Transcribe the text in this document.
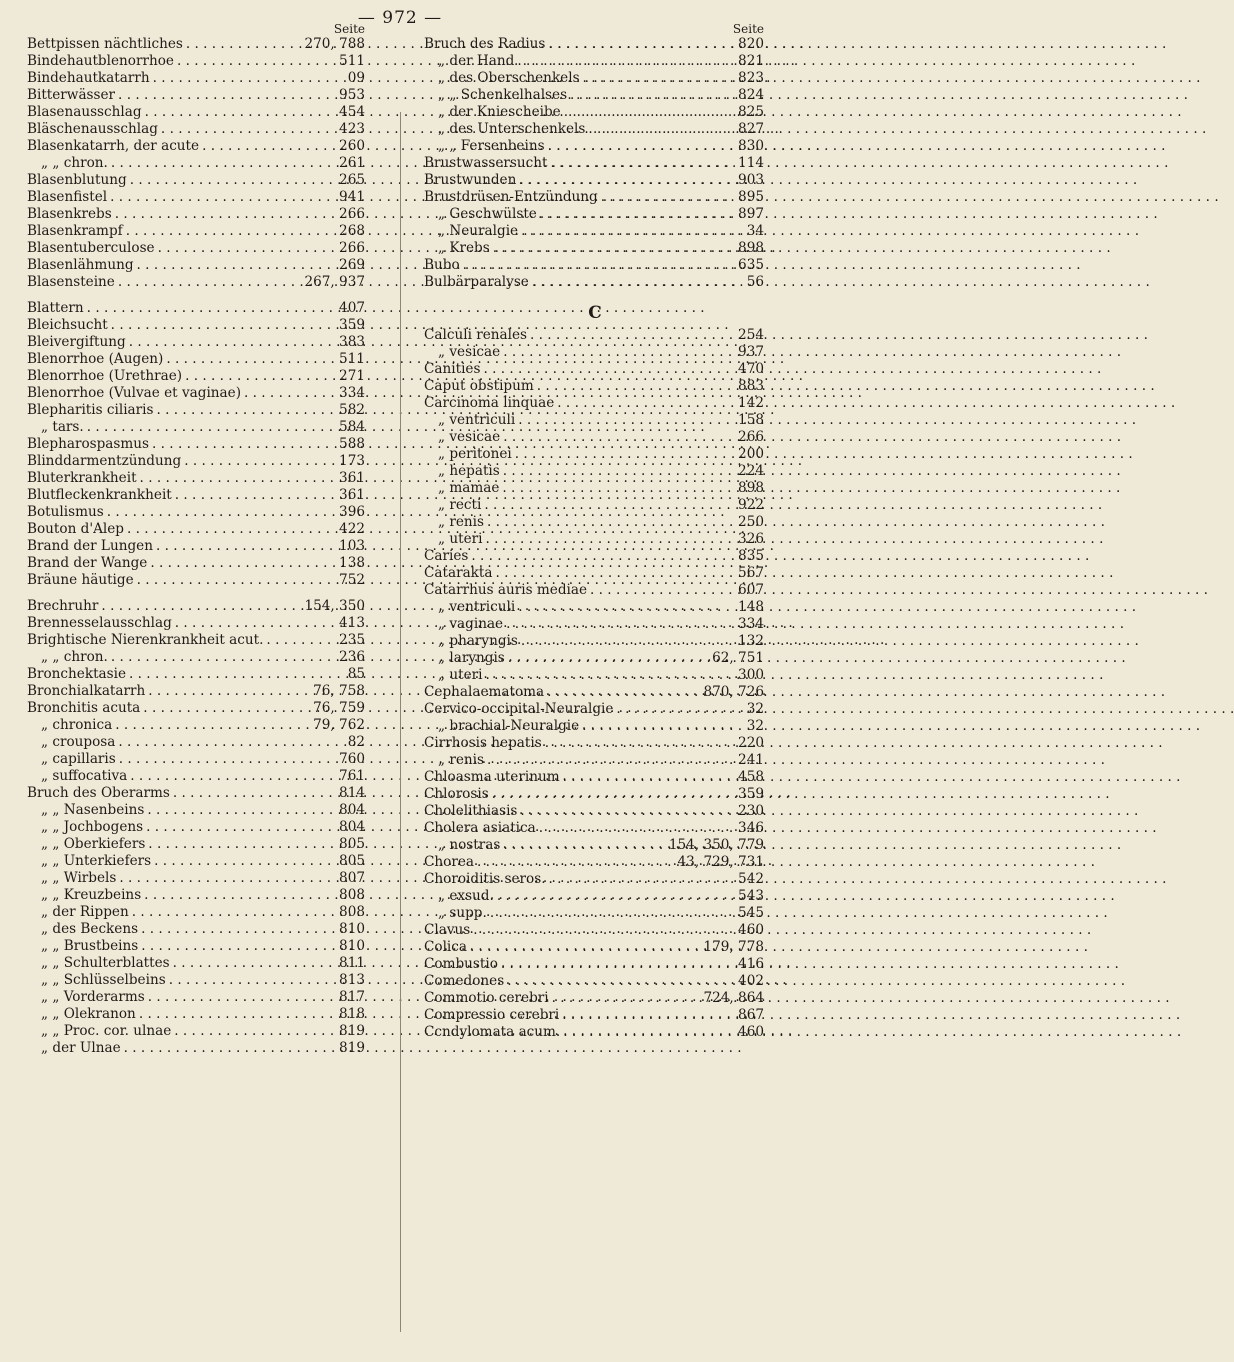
— 972 —
Seite
Bettpissen nächtliches . . .	270, 788
Bindehautblenorrhoe . . .	511
Bindehautkatarrh . . .	09
Bitterwässer . . .	953
Blasenausschlag . . .	454
Bläschenausschlag . . .	423
Blasenkatarrh, der acute . . .	260
„ „ chron. . . .	261
Blasenblutung . . .	265
Blasenfistel . . .	941
Blasenkrebs . . .	266
Blasenkrampf . . .	268
Blasentuberculose . . .	266
Blasenlähmung . . .	269
Blasensteine . . .	267, 937
Blattern . . .	407
Bleichsucht . . .	359
Bleivergiftung . . .	383
Blenorrhoe (Augen) . . .	511
Blenorrhoe (Urethrae) . . .	271
Blenorrhoe (Vulvae et vaginae) . . .	334
Blepharitis ciliaris . . .	582
„ tars. . . .	584
Blepharospasmus . . .	588
Blinddarmentzündung . . .	173
Bluterkrankheit . . .	361
Blutfleckenkrankheit . . .	361
Botulismus . . .	396
Bouton d'Alep . . .	422
Brand der Lungen . . .	103
Brand der Wange . . .	138
Bräune häutige . . .	752
Brechruhr . . .	154, 350
Brennesselausschlag . . .	413
Brightische Nierenkrankheit acut. . . .	235
„ „ chron. . . .	236
Bronchektasie . . .	85
Bronchialkatarrh . . .	76, 758
Bronchitis acuta . . .	76, 759
„ chronica . . .	79, 762
„ crouposa . . .	82
„ capillaris . . .	760
„ suffocativa . . .	761
Bruch des Oberarms . . .	814
„ „ Nasenbeins . . .	804
„ „ Jochbogens . . .	804
„ „ Oberkiefers . . .	805
„ „ Unterkiefers . . .	805
„ „ Wirbels . . .	807
„ „ Kreuzbeins . . .	808
„ der Rippen . . .	808
„ des Beckens . . .	810
„ „ Brustbeins . . .	810
„ „ Schulterblattes . . .	811
„ „ Schlüsselbeins . . .	813
„ „ Vorderarms . . .	817
„ „ Olekranon . . .	818
„ „ Proc. cor. ulnae . . .	819
„ der Ulnae . . .	819
Seite
Bruch des Radius . . .	820
„ der Hand . . .	821
„ des Oberschenkels . . .	823
„ „ Schenkelhalses . . .	824
„ der Kniescheibe . . .	825
„ des Unterschenkels . . .	827
„ „ Fersenbeins . . .	830
Brustwassersucht . . .	114
Brustwunden . . .	903
Brustdrüsen-Entzündung . . .	895
„ Geschwülste . . .	897
„ Neuralgie . . .	34
„ Krebs . . .	898
Bubo . . .	635
Bulbärparalyse . . .	56
C
Calculi renales . . .	254
„ vesicae . . .	937
Canities . . .	470
Caput obstipum . . .	883
Carcinoma linquae . . .	142
„ ventriculi . . .	158
„ vesicae . . .	266
„ peritonei . . .	200
„ hepatis . . .	224
„ mamae . . .	898
„ recti . . .	922
„ renis . . .	250
„ uteri . . .	326
Caries . . .	835
Catarakta . . .	567
Catarrhus auris mediae . . .	607
„ ventriculi . . .	148
„ vaginae . . .	334
„ pharyngis . . .	132
„ laryngis . . .	62, 751
„ uteri . . .	300
Cephalaematoma . . .	870, 726
Cervico-occipital-Neuralgie . . .	32
„ brachial-Neuralgie . . .	32
Cirrhosis hepatis . . .	220
„ renis . . .	241
Chloasma uterinum . . .	458
Chlorosis . . .	359
Cholelithiasis . . .	230
Cholera asiatica . . .	346
„ nostras . . .	154, 350, 779
Chorea . . .	43, 729, 731
Choroiditis seros. . . .	542
„ exsud. . . .	543
„ supp. . . .	545
Clavus . . .	460
Colica . . .	179, 778
Combustio . . .	416
Comedones . . .	402
Commotio cerebri . . .	724, 864
Compressio cerebri . . .	867
Ccndylomata acum. . . .	460
